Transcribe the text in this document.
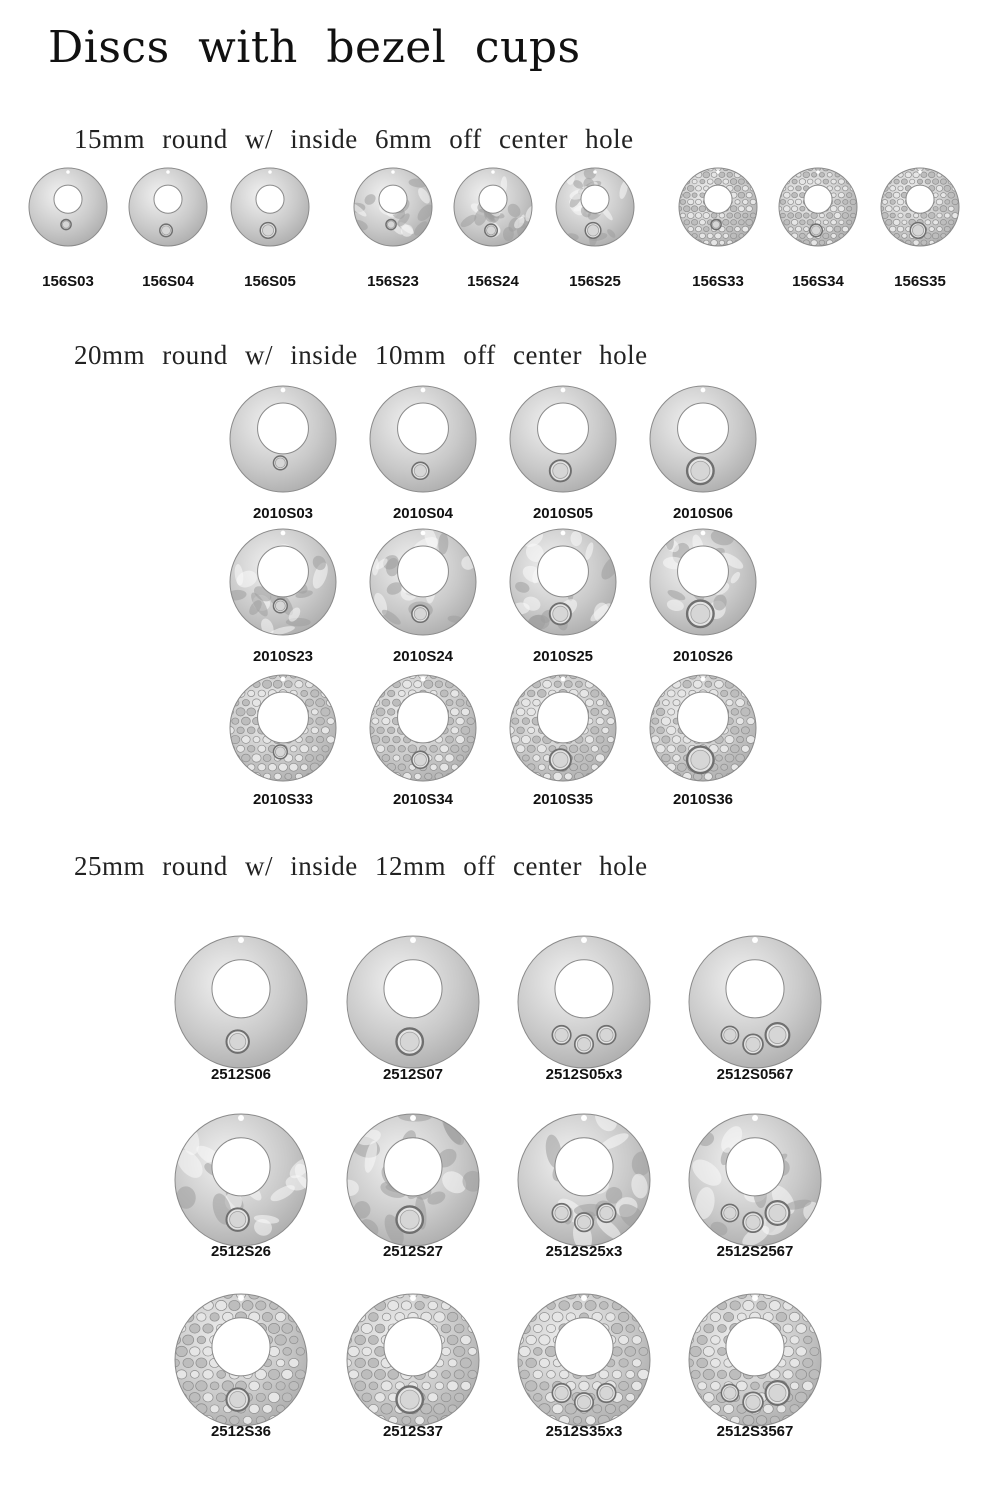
Discs with bezel cups
15mm round w/ inside 6mm off center hole
20mm round w/ inside 10mm off center hole
25mm round w/ inside 12mm off center hole
156S03	156S04	156S05	156S23	156S24	156S25	156S33	156S34	156S35
2010S03	2010S04	2010S05	2010S06
2010S23	2010S24	2010S25	2010S26
2010S33	2010S34	2010S35	2010S36
2512S06	2512S07	2512S05x3	2512S0567
2512S26	2512S27	2512S25x3	2512S2567
2512S36	2512S37	2512S35x3	2512S3567
